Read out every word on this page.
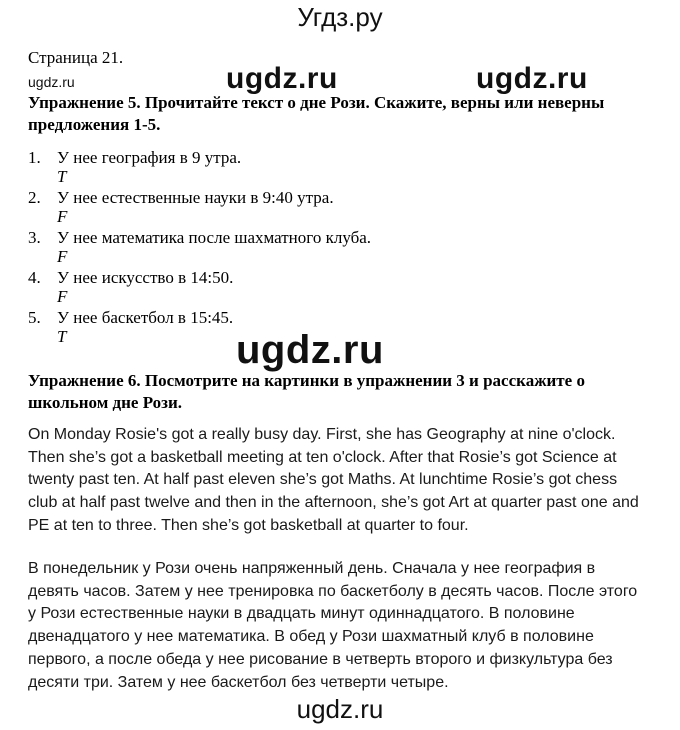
Угдз.ру
Страница 21.
ugdz.ru	ugdz.ru	ugdz.ru
Упражнение 5. Прочитайте текст о дне Рози. Скажите, верны или неверны предложения 1-5.
1. У нее география в 9 утра.
T
2. У нее естественные науки в 9:40 утра.
F
3. У нее математика после шахматного клуба.
F
4. У нее искусство в 14:50.
F
5. У нее баскетбол в 15:45.
T	ugdz.ru
Упражнение 6. Посмотрите на картинки в упражнении 3 и расскажите о школьном дне Рози.

On Monday Rosie's got a really busy day. First, she has Geography at nine o'clock. Then she’s got a basketball meeting at ten o'clock. After that Rosie’s got Science at twenty past ten. At half past eleven she’s got Maths. At lunchtime Rosie’s got chess club at half past twelve and then in the afternoon, she’s got Art at quarter past one and PE at ten to three. Then she’s got basketball at quarter to four.

В понедельник у Рози очень напряженный день. Сначала у нее география в девять часов. Затем у нее тренировка по баскетболу в десять часов. После этого у Рози естественные науки в двадцать минут одиннадцатого. В половине двенадцатого у нее математика. В обед у Рози шахматный клуб в половине первого, а после обеда у нее рисование в четверть второго и физкультура без десяти три. Затем у нее баскетбол без четверти четыре.

ugdz.ru
